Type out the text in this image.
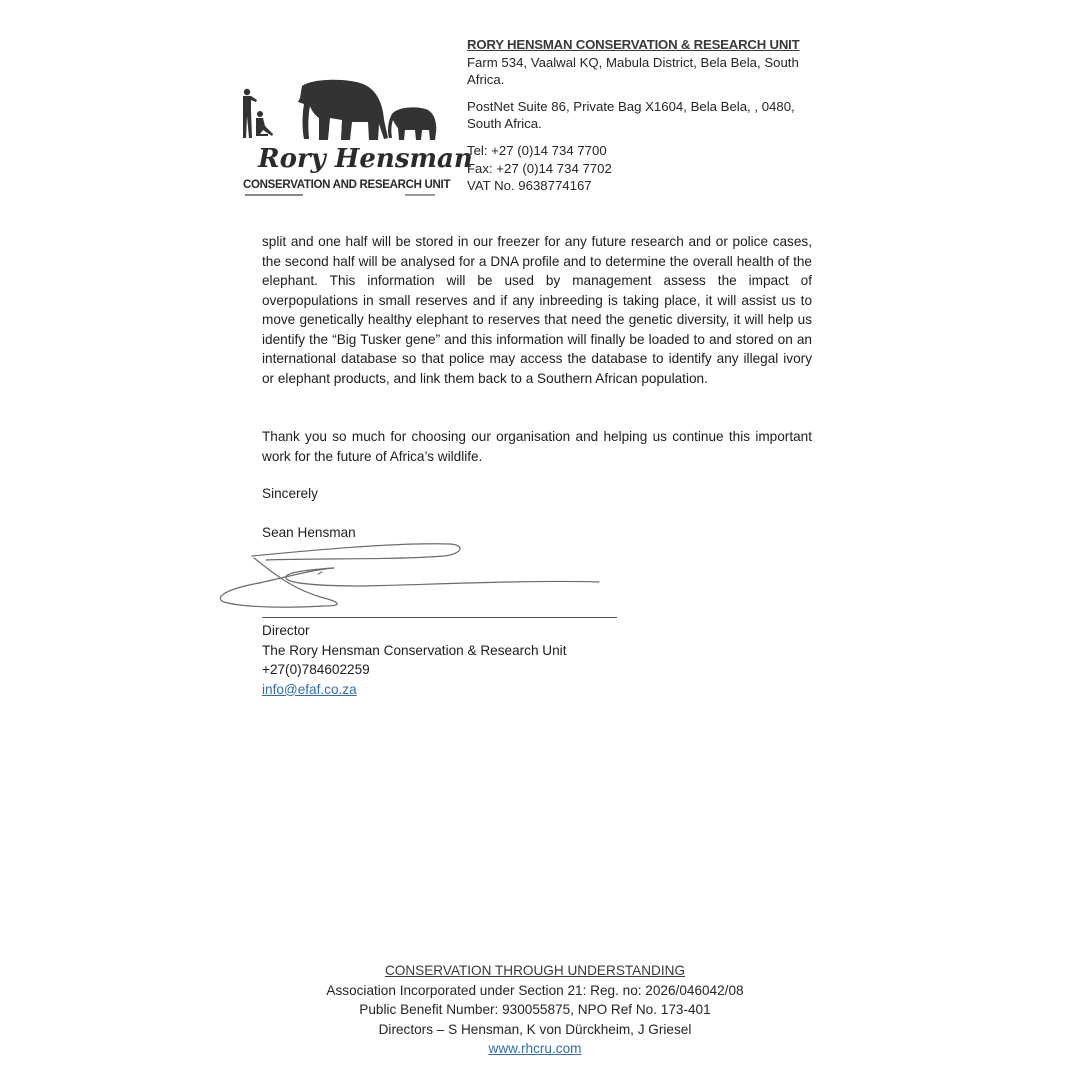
Rory Hensman
CONSERVATION AND RESEARCH UNIT

RORY HENSMAN CONSERVATION & RESEARCH UNIT

Farm 534, Vaalwal KQ, Mabula District, Bela Bela, South

Africa.

PostNet Suite 86, Private Bag X1604, Bela Bela, , 0480,

South Africa.

Tel: +27 (0)14 734 7700

Fax: +27 (0)14 734 7702

VAT No. 9638774167

split and one half will be stored in our freezer for any future research and or police cases, the second half will be analysed for a DNA profile and to determine the overall health of the elephant. This information will be used by management assess the impact of overpopulations in small reserves and if any inbreeding is taking place, it will assist us to move genetically healthy elephant to reserves that need the genetic diversity, it will help us identify the “Big Tusker gene” and this information will finally be loaded to and stored on an international database so that police may access the database to identify any illegal ivory or elephant products, and link them back to a Southern African population.

Thank you so much for choosing our organisation and helping us continue this important work for the future of Africa’s wildlife.

Sincerely
Sean Hensman
Director
The Rory Hensman Conservation & Research Unit
+27(0)784602259
info@efaf.co.za
CONSERVATION THROUGH UNDERSTANDING
Association Incorporated under Section 21: Reg. no: 2026/046042/08
Public Benefit Number: 930055875, NPO Ref No. 173-401
Directors – S Hensman, K von Dürckheim, J Griesel
www.rhcru.com
